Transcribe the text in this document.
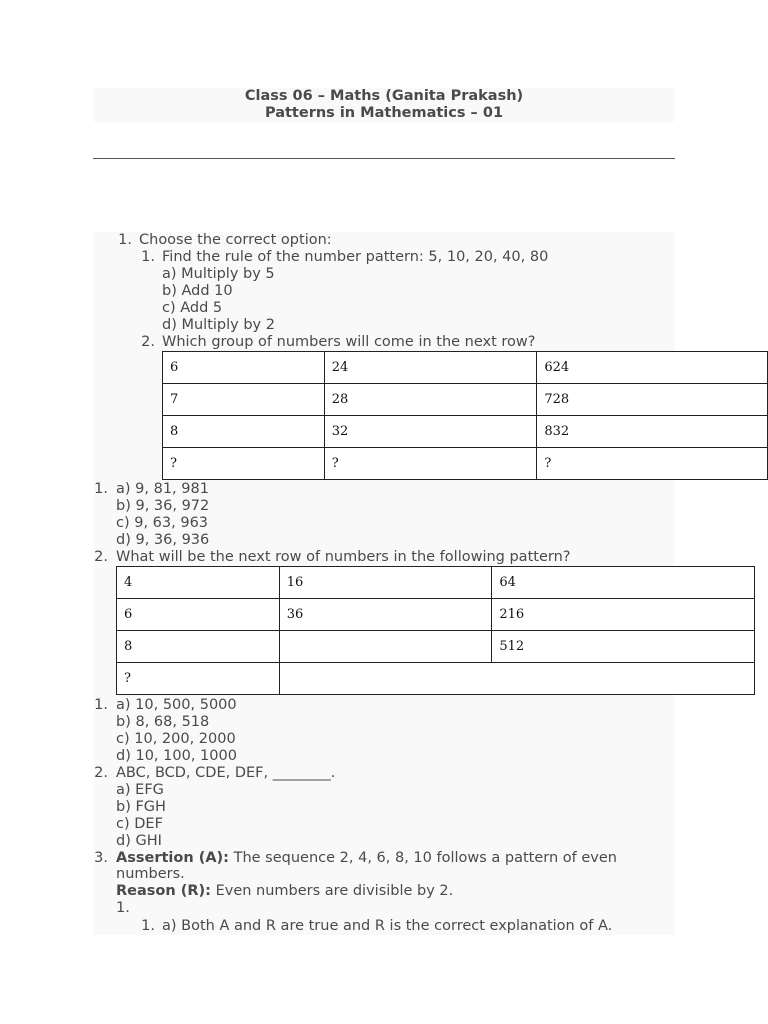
Class 06 – Maths (Ganita Prakash)
Patterns in Mathematics – 01
1. Choose the correct option:
1. Find the rule of the number pattern: 5, 10, 20, 40, 80
a) Multiply by 5
b) Add 10
c) Add 5
d) Multiply by 2
2. Which group of numbers will come in the next row?
6	24	624
7	28	728
8	32	832
?	?	?
1. a) 9, 81, 981
b) 9, 36, 972
c) 9, 63, 963
d) 9, 36, 936
2. What will be the next row of numbers in the following pattern?
4	16	64
6	36	216
8		512
?		
1. a) 10, 500, 5000
b) 8, 68, 518
c) 10, 200, 2000
d) 10, 100, 1000
2. ABC, BCD, CDE, DEF, ________.
a) EFG
b) FGH
c) DEF
d) GHI
3. Assertion (A): The sequence 2, 4, 6, 8, 10 follows a pattern of even
numbers.
Reason (R): Even numbers are divisible by 2.
1.
1. a) Both A and R are true and R is the correct explanation of A.
